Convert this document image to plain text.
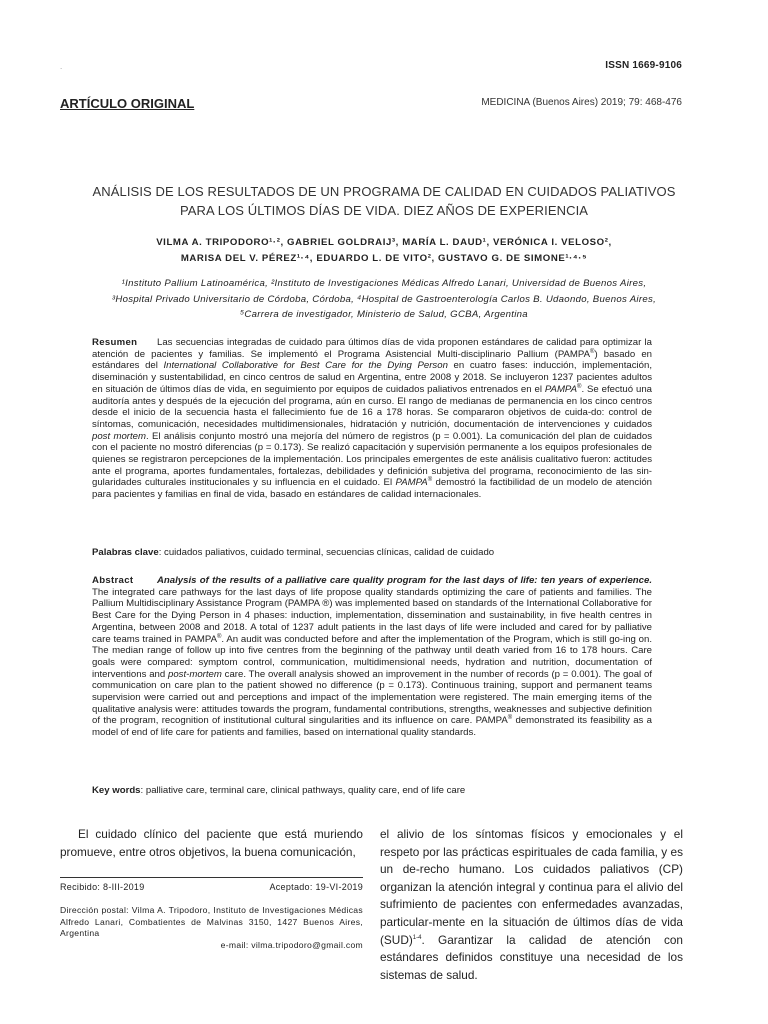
.	ISSN 1669-9106
ARTÍCULO ORIGINAL	MEDICINA (Buenos Aires) 2019; 79: 468-476
ANÁLISIS DE LOS RESULTADOS DE UN PROGRAMA DE CALIDAD EN CUIDADOS PALIATIVOS
PARA LOS ÚLTIMOS DÍAS DE VIDA. DIEZ AÑOS DE EXPERIENCIA
VILMA A. TRIPODORO¹·², GABRIEL GOLDRAIJ³, MARÍA L. DAUD¹, VERÓNICA I. VELOSO²,
MARISA DEL V. PÉREZ¹·⁴, EDUARDO L. DE VITO², GUSTAVO G. DE SIMONE¹·⁴·⁵
¹Instituto Pallium Latinoamérica, ²Instituto de Investigaciones Médicas Alfredo Lanari, Universidad de Buenos Aires,
³Hospital Privado Universitario de Córdoba, Córdoba, ⁴Hospital de Gastroenterología Carlos B. Udaondo, Buenos Aires,
⁵Carrera de investigador, Ministerio de Salud, GCBA, Argentina
Resumen Las secuencias integradas de cuidado para últimos días de vida proponen estándares de calidad para optimizar la atención de pacientes y familias. Se implementó el Programa Asistencial Multi-disciplinario Pallium (PAMPA®) basado en estándares del International Collaborative for Best Care for the Dying Person en cuatro fases: inducción, implementación, diseminación y sustentabilidad, en cinco centros de salud en Argentina, entre 2008 y 2018. Se incluyeron 1237 pacientes adultos en situación de últimos días de vida, en seguimiento por equipos de cuidados paliativos entrenados en el PAMPA®. Se efectuó una auditoría antes y después de la ejecución del programa, aún en curso. El rango de medianas de permanencia en los cinco centros desde el inicio de la secuencia hasta el fallecimiento fue de 16 a 178 horas. Se compararon objetivos de cuida-do: control de síntomas, comunicación, necesidades multidimensionales, hidratación y nutrición, documentación de intervenciones y cuidados post mortem. El análisis conjunto mostró una mejoría del número de registros (p = 0.001). La comunicación del plan de cuidados con el paciente no mostró diferencias (p = 0.173). Se realizó capacitación y supervisión permanente a los equipos profesionales de quienes se registraron percepciones de la implementación. Los principales emergentes de este análisis cualitativo fueron: actitudes ante el programa, aportes fundamentales, fortalezas, debilidades y definición subjetiva del programa, reconocimiento de las sin-gularidades culturales institucionales y su influencia en el cuidado. El PAMPA® demostró la factibilidad de un modelo de atención para pacientes y familias en final de vida, basado en estándares de calidad internacionales.
Palabras clave: cuidados paliativos, cuidado terminal, secuencias clínicas, calidad de cuidado
Abstract Analysis of the results of a palliative care quality program for the last days of life: ten years of experience. The integrated care pathways for the last days of life propose quality standards optimizing the care of patients and families. The Pallium Multidisciplinary Assistance Program (PAMPA ®) was implemented based on standards of the International Collaborative for Best Care for the Dying Person in 4 phases: induction, implementation, dissemination and sustainability, in five health centres in Argentina, between 2008 and 2018. A total of 1237 adult patients in the last days of life were included and cared for by palliative care teams trained in PAMPA®. An audit was conducted before and after the implementation of the Program, which is still go-ing on. The median range of follow up into five centres from the beginning of the pathway until death varied from 16 to 178 hours. Care goals were compared: symptom control, communication, multidimensional needs, hydration and nutrition, documentation of interventions and post-mortem care. The overall analysis showed an improvement in the number of records (p = 0.001). The goal of communication on care plan to the patient showed no difference (p = 0.173). Continuous training, support and permanent teams supervision were carried out and perceptions and impact of the implementation were registered. The main emerging items of the qualitative analysis were: attitudes towards the program, fundamental contributions, strengths, weaknesses and subjective definition of the program, recognition of institutional cultural singularities and its influence on care. PAMPA® demonstrated its feasibility as a model of end of life care for patients and families, based on international quality standards.
Key words: palliative care, terminal care, clinical pathways, quality care, end of life care
El cuidado clínico del paciente que está muriendo promueve, entre otros objetivos, la buena comunicación,
el alivio de los síntomas físicos y emocionales y el respeto por las prácticas espirituales de cada familia, y es un de-recho humano. Los cuidados paliativos (CP) organizan la atención integral y continua para el alivio del sufrimiento de pacientes con enfermedades avanzadas, particular-mente en la situación de últimos días de vida (SUD)$^{1-4}$. Garantizar la calidad de atención con estándares definidos constituye una necesidad de los sistemas de salud.
Recibido: 8-III-2019	Aceptado: 19-VI-2019
Dirección postal: Vilma A. Tripodoro, Instituto de Investigaciones Médicas Alfredo Lanari, Combatientes de Malvinas 3150, 1427 Buenos Aires, Argentina
e-mail: vilma.tripodoro@gmail.com
